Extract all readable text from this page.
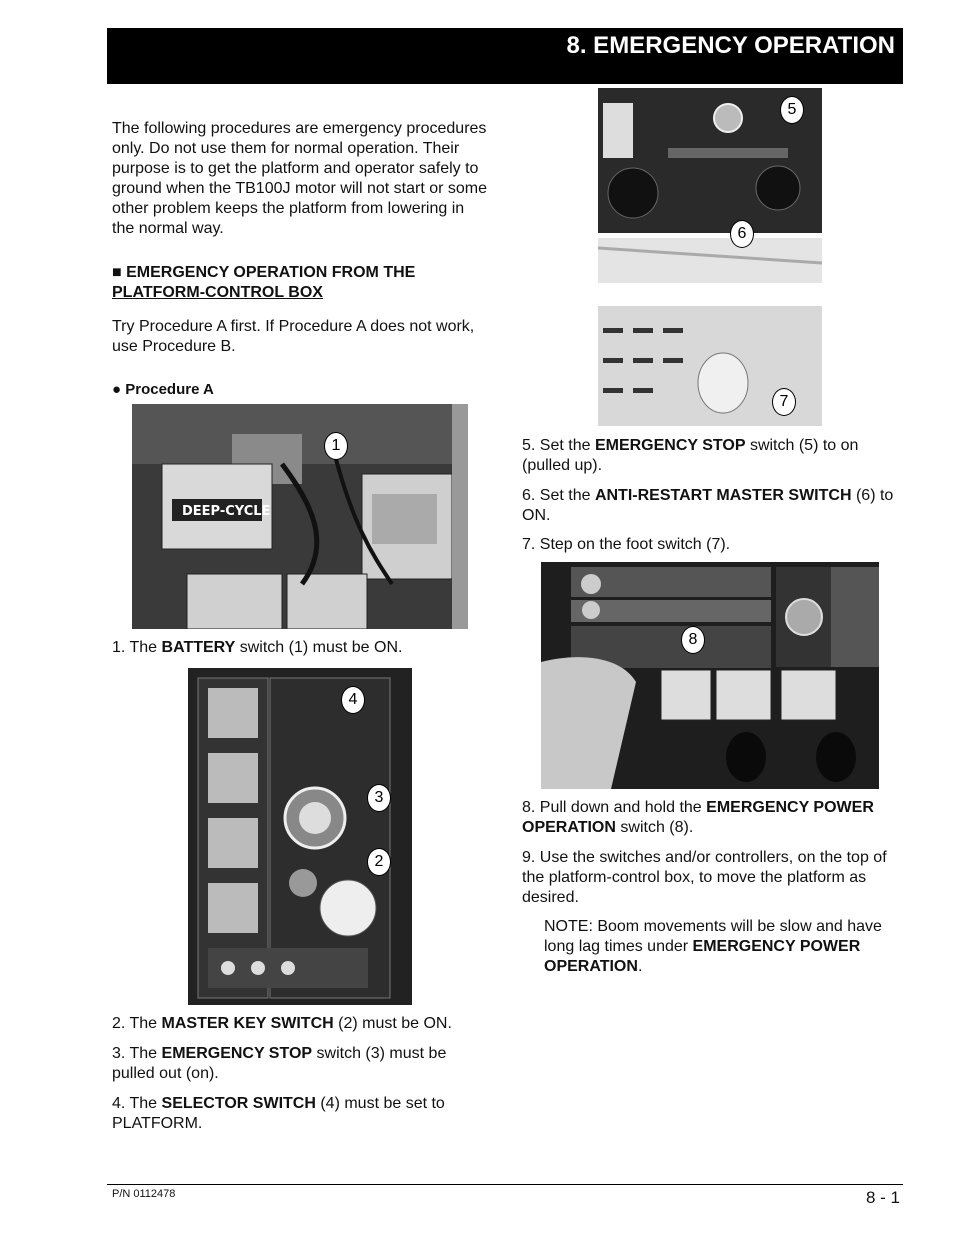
8. EMERGENCY OPERATION

The following procedures are emergency procedures only. Do not use them for normal operation. Their purpose is to get the platform and operator safely to ground when the TB100J motor will not start or some other problem keeps the platform from lowering in the normal way.

■ EMERGENCY OPERATION FROM THE
PLATFORM-CONTROL BOX

Try Procedure A first. If Procedure A does not work, use Procedure B.

● Procedure A
DEEP-CYCLE
1

1. The BATTERY switch (1) must be ON.

4
3
2

2. The MASTER KEY SWITCH (2) must be ON.

3. The EMERGENCY STOP switch (3) must be pulled out (on).

4. The SELECTOR SWITCH (4) must be set to PLATFORM.

5
6
7

5. Set the EMERGENCY STOP switch (5) to on (pulled up).

6. Set the ANTI-RESTART MASTER SWITCH (6) to ON.

7. Step on the foot switch (7).

8

8. Pull down and hold the EMERGENCY POWER OPERATION switch (8).

9. Use the switches and/or controllers, on the top of the platform-control box, to move the platform as desired.

NOTE: Boom movements will be slow and have long lag times under EMERGENCY POWER OPERATION.

P/N 0112478	8 - 1
